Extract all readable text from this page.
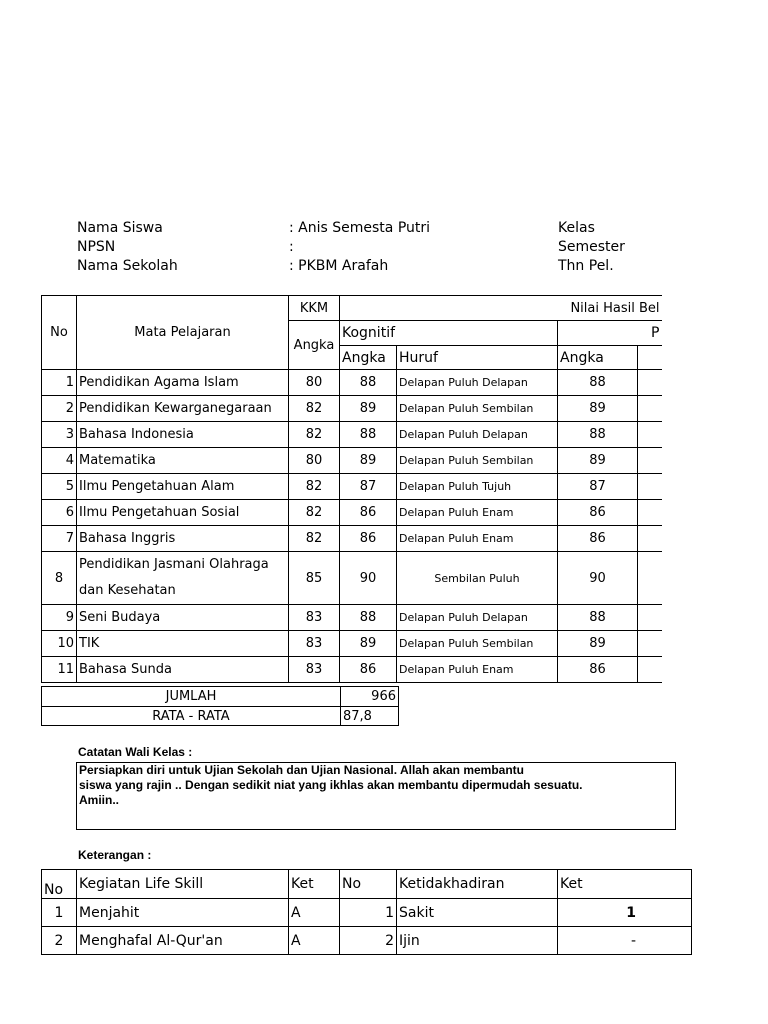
Nama Siswa	: Anis Semesta Putri	Kelas
NPSN	:	Semester
Nama Sekolah	: PKBM Arafah	Thn Pel.
No	Mata Pelajaran	KKM	Nilai Hasil Bel			
		Angka	Kognitif		P	
			Angka	Huruf	Angka	
1	Pendidikan Agama Islam	80	88	Delapan Puluh Delapan	88	
2	Pendidikan Kewarganegaraan	82	89	Delapan Puluh Sembilan	89	
3	Bahasa Indonesia	82	88	Delapan Puluh Delapan	88	
4	Matematika	80	89	Delapan Puluh Sembilan	89	
5	Ilmu Pengetahuan Alam	82	87	Delapan Puluh Tujuh	87	
6	Ilmu Pengetahuan Sosial	82	86	Delapan Puluh Enam	86	
7	Bahasa Inggris	82	86	Delapan Puluh Enam	86	
8	Pendidikan Jasmani Olahraga
dan Kesehatan	85	90	Sembilan Puluh	90	
9	Seni Budaya	83	88	Delapan Puluh Delapan	88	
10	TIK	83	89	Delapan Puluh Sembilan	89	
11	Bahasa Sunda	83	86	Delapan Puluh Enam	86	
JUMLAH	966
RATA - RATA	87,8
Catatan Wali Kelas :
Persiapkan diri untuk Ujian Sekolah dan Ujian Nasional. Allah akan membantu
siswa yang rajin .. Dengan sedikit niat yang ikhlas akan membantu dipermudah sesuatu.
Amiin..
Keterangan :
No	Kegiatan Life Skill	Ket	No	Ketidakhadiran	Ket
1	Menjahit	A	1	Sakit	1
2	Menghafal Al-Qur'an	A	2	Ijin	-
